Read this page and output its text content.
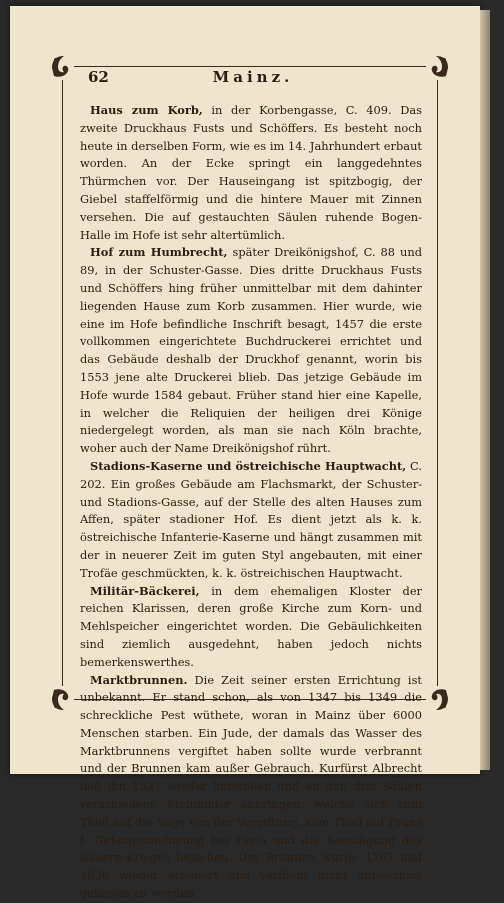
62	Mainz.

Haus zum Korb, in der Korbengasse, C. 409. Das zweite Druckhaus Fusts und Schöffers. Es besteht noch heute in derselben Form, wie es im 14. Jahrhundert erbaut worden. An der Ecke springt ein langgedehntes Thürmchen vor. Der Hauseingang ist spitzbogig, der Giebel staffelförmig und die hintere Mauer mit Zinnen versehen. Die auf gestauchten Säulen ruhende Bogen-Halle im Hofe ist sehr altertümlich.

Hof zum Humbrecht, später Dreikönigshof, C. 88 und 89, in der Schuster-Gasse. Dies dritte Druckhaus Fusts und Schöffers hing früher unmittelbar mit dem dahinter liegenden Hause zum Korb zusammen. Hier wurde, wie eine im Hofe befindliche Inschrift besagt, 1457 die erste vollkommen eingerichtete Buchdruckerei errichtet und das Gebäude deshalb der Druckhof genannt, worin bis 1553 jene alte Druckerei blieb. Das jetzige Gebäude im Hofe wurde 1584 gebaut. Früher stand hier eine Kapelle, in welcher die Reliquien der heiligen drei Könige niedergelegt worden, als man sie nach Köln brachte, woher auch der Name Dreikönigshof rührt.

Stadions-Kaserne und östreichische Hauptwacht, C. 202. Ein großes Gebäude am Flachsmarkt, der Schuster- und Stadions-Gasse, auf der Stelle des alten Hauses zum Affen, später stadioner Hof. Es dient jetzt als k. k. östreichische Infanterie-Kaserne und hängt zusammen mit der in neuerer Zeit im guten Styl angebauten, mit einer Trofäe geschmückten, k. k. östreichischen Hauptwacht.

Militär-Bäckerei, in dem ehemaligen Kloster der reichen Klarissen, deren große Kirche zum Korn- und Mehlspeicher eingerichtet worden. Die Gebäulichkeiten sind ziemlich ausgedehnt, haben jedoch nichts bemerkenswerthes.

Marktbrunnen. Die Zeit seiner ersten Errichtung ist unbekannt. Er stand schon, als von 1347 bis 1349 die schreckliche Pest wüthete, woran in Mainz über 6000 Menschen starben. Ein Jude, der damals das Wasser des Marktbrunnens vergiftet haben sollte wurde verbrannt und der Brunnen kam außer Gebrauch. Kurfürst Albrecht ließ ihn 1527 wieder herstellen und an den drei Säulen verschiedene Steinbilder anbringen, welche sich zum Theil auf die Sage von der Vergiftung, zum Theil auf Franz I. Gefangennehmung bei Pavia und die Beendigung des Bauern-Krieges beziehen. Der Brunnen wurde 1767 und 1836 wieder erneuert und verdient nicht unbeachtet gelassen zu werden.
